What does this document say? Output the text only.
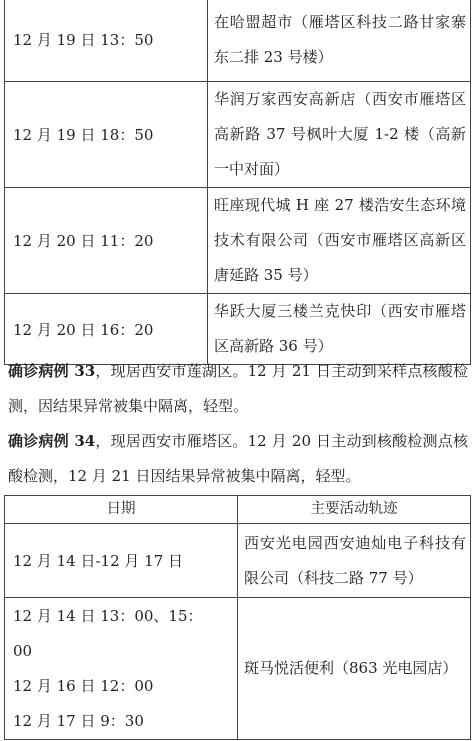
12 月 19 日 13：50	在哈盟超市（雁塔区科技二路甘家寨东二排 23 号楼）
12 月 19 日 18：50	华润万家西安高新店（西安市雁塔区高新路 37 号枫叶大厦 1-2 楼（高新一中对面）
12 月 20 日 11：20	旺座现代城 H 座 27 楼浩安生态环境技术有限公司（西安市雁塔区高新区唐延路 35 号）
12 月 20 日 16：20	华跃大厦三楼兰克快印（西安市雁塔区高新路 36 号）
确诊病例 33，现居西安市莲湖区。12 月 21 日主动到采样点核酸检测，因结果异常被集中隔离，轻型。
确诊病例 34，现居西安市雁塔区。12 月 20 日主动到核酸检测点核酸检测，12 月 21 日因结果异常被集中隔离，轻型。
日期	主要活动轨迹
12 月 14 日-12 月 17 日	西安光电园西安迪灿电子科技有限公司（科技二路 77 号）

12 月 14 日 13：00、15：
00
12 月 16 日 12：00
12 月 17 日 9：30	斑马悦活便利（863 光电园店）
